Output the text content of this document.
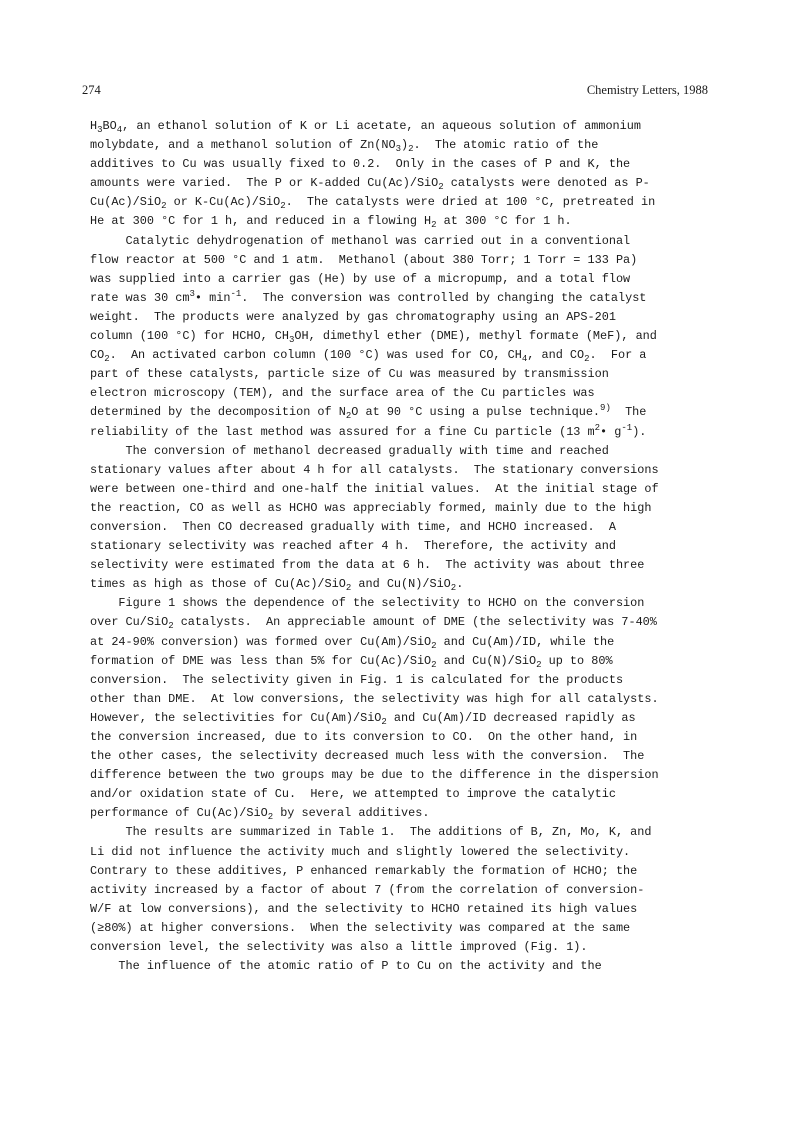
274	Chemistry Letters, 1988
$H_3BO_4$, an ethanol solution of K or Li acetate, an aqueous solution of ammonium
molybdate, and a methanol solution of $Zn(NO_3)_2$.  The atomic ratio of the
additives to Cu was usually fixed to 0.2.  Only in the cases of P and K, the
amounts were varied.  The P or K-added Cu(Ac)/SiO$_2$ catalysts were denoted as P-
Cu(Ac)/SiO$_2$ or K-Cu(Ac)/SiO$_2$.  The catalysts were dried at 100 °C, pretreated in
He at 300 °C for 1 h, and reduced in a flowing $H_2$ at 300 °C for 1 h.
Catalytic dehydrogenation of methanol was carried out in a conventional
flow reactor at 500 °C and 1 atm.  Methanol (about 380 Torr; 1 Torr = 133 Pa)
was supplied into a carrier gas (He) by use of a micropump, and a total flow
rate was 30 $cm^3•$ $\min^{-1}$.  The conversion was controlled by changing the catalyst
weight.  The products were analyzed by gas chromatography using an APS-201
column (100 °C) for HCHO, $CH_3OH$, dimethyl ether (DME), methyl formate (MeF), and
$CO_2$.  An activated carbon column (100 °C) was used for CO, $CH_4$, and $CO_2$.  For a
part of these catalysts, particle size of Cu was measured by transmission
electron microscopy (TEM), and the surface area of the Cu particles was
determined by the decomposition of $N_2O$ at 90 °C using a pulse technique.$^{9)}$  The
reliability of the last method was assured for a fine Cu particle (13 $m^2•$ $g^{-1}$).
The conversion of methanol decreased gradually with time and reached
stationary values after about 4 h for all catalysts.  The stationary conversions
were between one-third and one-half the initial values.  At the initial stage of
the reaction, CO as well as HCHO was appreciably formed, mainly due to the high
conversion.  Then CO decreased gradually with time, and HCHO increased.  A
stationary selectivity was reached after 4 h.  Therefore, the activity and
selectivity were estimated from the data at 6 h.  The activity was about three
times as high as those of Cu(Ac)/SiO$_2$ and Cu(N)/SiO$_2$.
Figure 1 shows the dependence of the selectivity to HCHO on the conversion
over Cu/SiO$_2$ catalysts.  An appreciable amount of DME (the selectivity was 7-40%
at 24-90% conversion) was formed over Cu(Am)/SiO$_2$ and Cu(Am)/ID, while the
formation of DME was less than 5% for Cu(Ac)/SiO$_2$ and Cu(N)/SiO$_2$ up to 80%
conversion.  The selectivity given in Fig. 1 is calculated for the products
other than DME.  At low conversions, the selectivity was high for all catalysts.
However, the selectivities for Cu(Am)/SiO$_2$ and Cu(Am)/ID decreased rapidly as
the conversion increased, due to its conversion to CO.  On the other hand, in
the other cases, the selectivity decreased much less with the conversion.  The
difference between the two groups may be due to the difference in the dispersion
and/or oxidation state of Cu.  Here, we attempted to improve the catalytic
performance of Cu(Ac)/SiO$_2$ by several additives.
The results are summarized in Table 1.  The additions of B, Zn, Mo, K, and
Li did not influence the activity much and slightly lowered the selectivity.
Contrary to these additives, P enhanced remarkably the formation of HCHO; the
activity increased by a factor of about 7 (from the correlation of conversion-
W/F at low conversions), and the selectivity to HCHO retained its high values
(≥80%) at higher conversions.  When the selectivity was compared at the same
conversion level, the selectivity was also a little improved (Fig. 1).
The influence of the atomic ratio of P to Cu on the activity and the
